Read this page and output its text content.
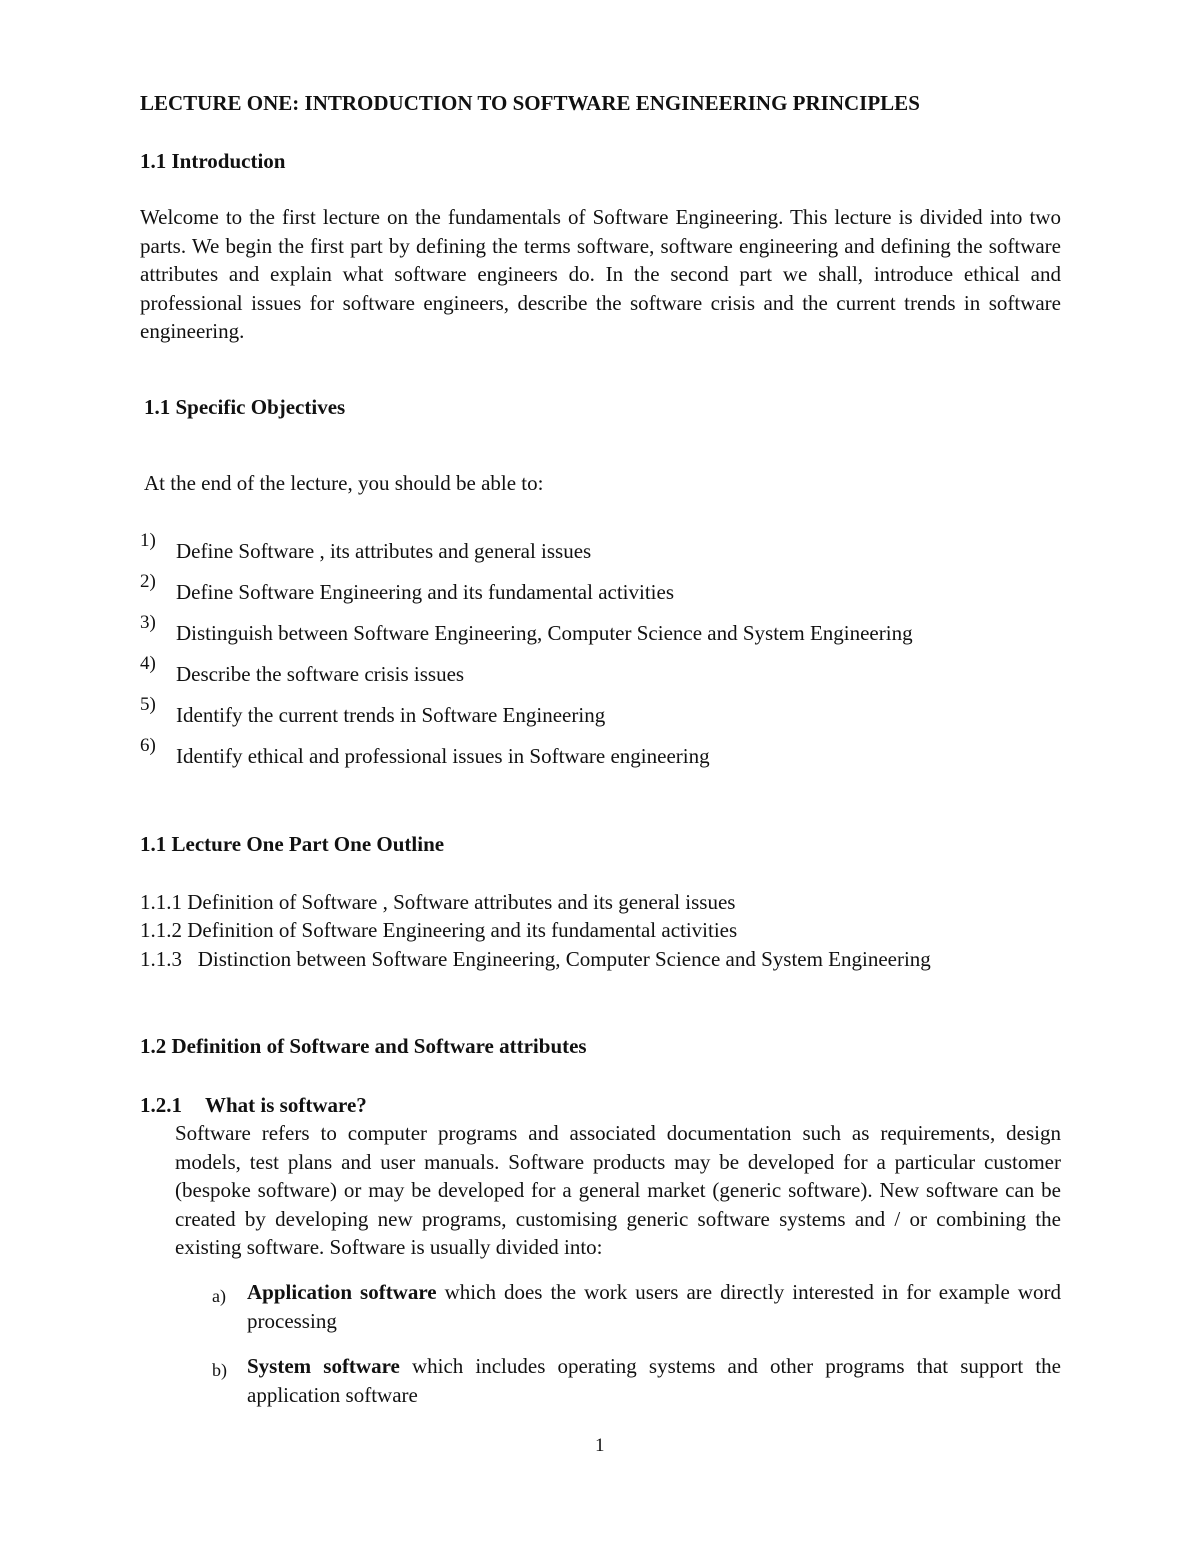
LECTURE ONE: INTRODUCTION TO SOFTWARE ENGINEERING PRINCIPLES
1.1 Introduction
Welcome to the first lecture on the fundamentals of Software Engineering. This lecture is divided into two parts. We begin the first part by defining the terms software, software engineering and defining the software attributes and explain what software engineers do. In the second part we shall, introduce ethical and professional issues for software engineers, describe the software crisis and the current trends in software engineering.
1.1 Specific Objectives
At the end of the lecture, you should be able to:
1) Define Software , its attributes and general issues
2) Define Software Engineering and its fundamental activities
3) Distinguish between Software Engineering, Computer Science and System Engineering
4) Describe the software crisis issues
5) Identify the current trends in Software Engineering
6) Identify ethical and professional issues in Software engineering
1.1 Lecture One Part One Outline
1.1.1 Definition of Software , Software attributes and its general issues
1.1.2 Definition of Software Engineering and its fundamental activities
1.1.3   Distinction between Software Engineering, Computer Science and System Engineering
1.2 Definition of Software and Software attributes
1.2.1 What is software?
Software refers to computer programs and associated documentation such as requirements, design models, test plans and user manuals. Software products may be developed for a particular customer (bespoke software) or may be developed for a general market (generic software). New software can be created by developing new programs, customising generic software systems and / or combining the existing software. Software is usually divided into:
a) Application software which does the work users are directly interested in for example word processing
b) System software which includes operating systems and other programs that support the application software
1
